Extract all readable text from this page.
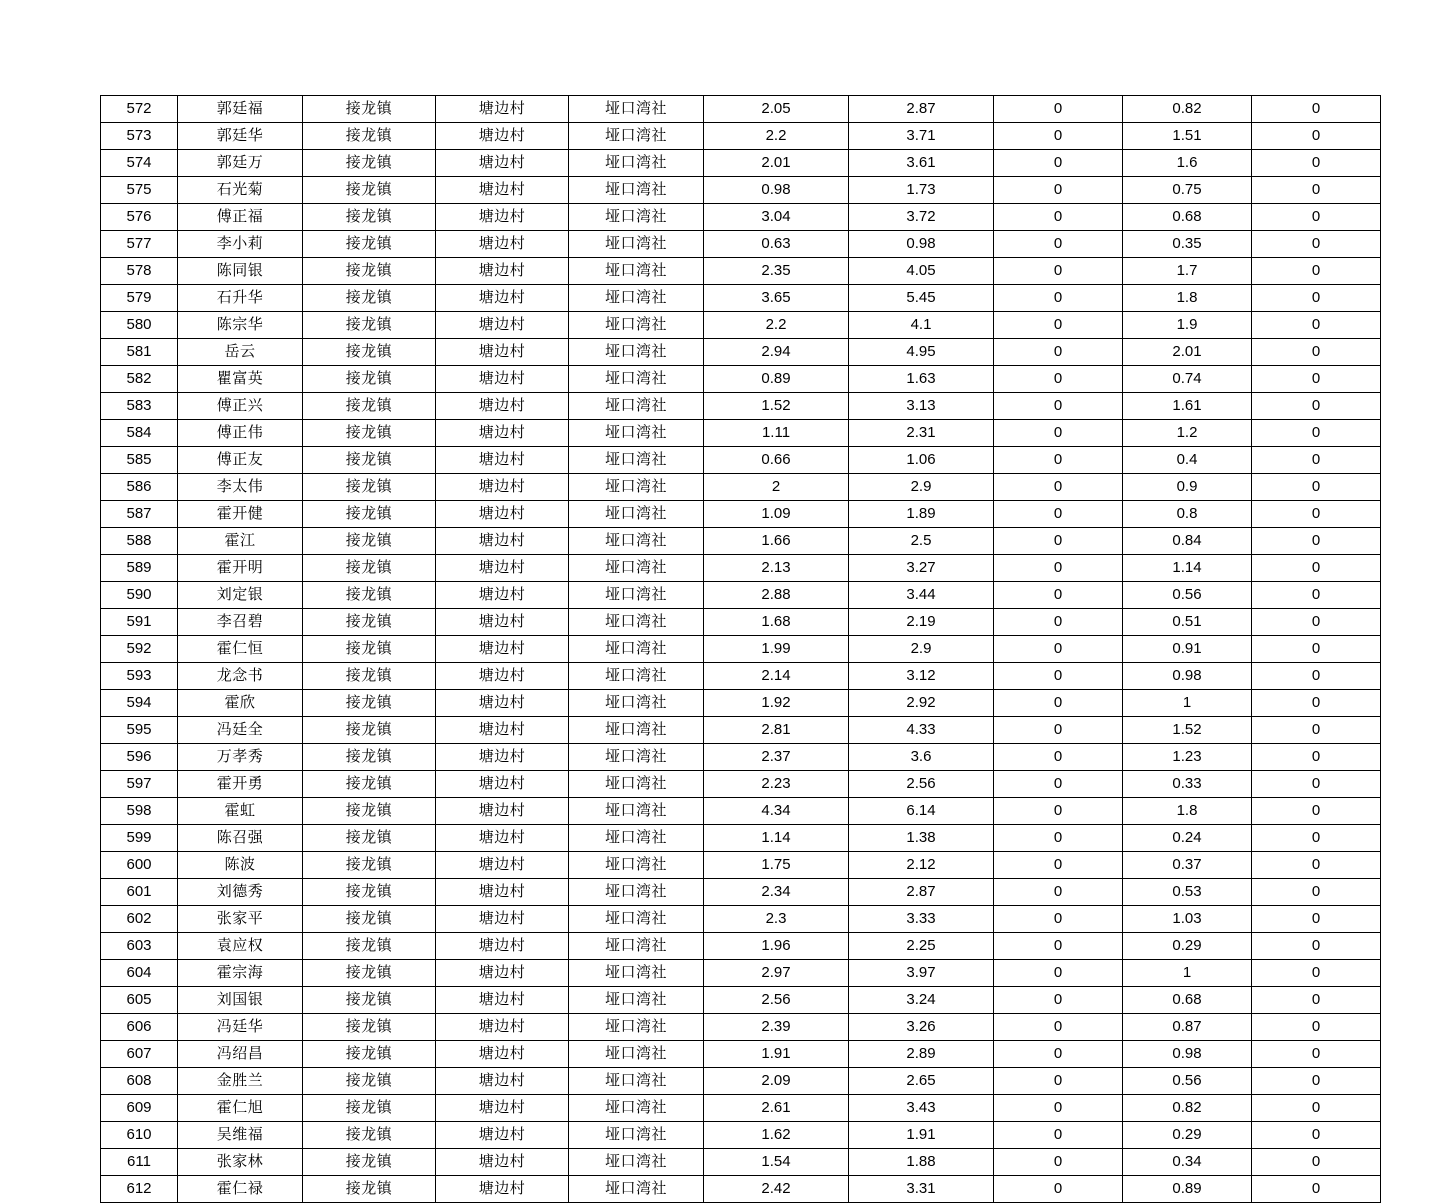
572	郭廷福	接龙镇	塘边村	垭口湾社	2.05	2.87	0	0.82	0
573	郭廷华	接龙镇	塘边村	垭口湾社	2.2	3.71	0	1.51	0
574	郭廷万	接龙镇	塘边村	垭口湾社	2.01	3.61	0	1.6	0
575	石光菊	接龙镇	塘边村	垭口湾社	0.98	1.73	0	0.75	0
576	傅正福	接龙镇	塘边村	垭口湾社	3.04	3.72	0	0.68	0
577	李小莉	接龙镇	塘边村	垭口湾社	0.63	0.98	0	0.35	0
578	陈同银	接龙镇	塘边村	垭口湾社	2.35	4.05	0	1.7	0
579	石升华	接龙镇	塘边村	垭口湾社	3.65	5.45	0	1.8	0
580	陈宗华	接龙镇	塘边村	垭口湾社	2.2	4.1	0	1.9	0
581	岳云	接龙镇	塘边村	垭口湾社	2.94	4.95	0	2.01	0
582	瞿富英	接龙镇	塘边村	垭口湾社	0.89	1.63	0	0.74	0
583	傅正兴	接龙镇	塘边村	垭口湾社	1.52	3.13	0	1.61	0
584	傅正伟	接龙镇	塘边村	垭口湾社	1.11	2.31	0	1.2	0
585	傅正友	接龙镇	塘边村	垭口湾社	0.66	1.06	0	0.4	0
586	李太伟	接龙镇	塘边村	垭口湾社	2	2.9	0	0.9	0
587	霍开健	接龙镇	塘边村	垭口湾社	1.09	1.89	0	0.8	0
588	霍江	接龙镇	塘边村	垭口湾社	1.66	2.5	0	0.84	0
589	霍开明	接龙镇	塘边村	垭口湾社	2.13	3.27	0	1.14	0
590	刘定银	接龙镇	塘边村	垭口湾社	2.88	3.44	0	0.56	0
591	李召碧	接龙镇	塘边村	垭口湾社	1.68	2.19	0	0.51	0
592	霍仁恒	接龙镇	塘边村	垭口湾社	1.99	2.9	0	0.91	0
593	龙念书	接龙镇	塘边村	垭口湾社	2.14	3.12	0	0.98	0
594	霍欣	接龙镇	塘边村	垭口湾社	1.92	2.92	0	1	0
595	冯廷全	接龙镇	塘边村	垭口湾社	2.81	4.33	0	1.52	0
596	万孝秀	接龙镇	塘边村	垭口湾社	2.37	3.6	0	1.23	0
597	霍开勇	接龙镇	塘边村	垭口湾社	2.23	2.56	0	0.33	0
598	霍虹	接龙镇	塘边村	垭口湾社	4.34	6.14	0	1.8	0
599	陈召强	接龙镇	塘边村	垭口湾社	1.14	1.38	0	0.24	0
600	陈波	接龙镇	塘边村	垭口湾社	1.75	2.12	0	0.37	0
601	刘德秀	接龙镇	塘边村	垭口湾社	2.34	2.87	0	0.53	0
602	张家平	接龙镇	塘边村	垭口湾社	2.3	3.33	0	1.03	0
603	袁应权	接龙镇	塘边村	垭口湾社	1.96	2.25	0	0.29	0
604	霍宗海	接龙镇	塘边村	垭口湾社	2.97	3.97	0	1	0
605	刘国银	接龙镇	塘边村	垭口湾社	2.56	3.24	0	0.68	0
606	冯廷华	接龙镇	塘边村	垭口湾社	2.39	3.26	0	0.87	0
607	冯绍昌	接龙镇	塘边村	垭口湾社	1.91	2.89	0	0.98	0
608	金胜兰	接龙镇	塘边村	垭口湾社	2.09	2.65	0	0.56	0
609	霍仁旭	接龙镇	塘边村	垭口湾社	2.61	3.43	0	0.82	0
610	吴维福	接龙镇	塘边村	垭口湾社	1.62	1.91	0	0.29	0
611	张家林	接龙镇	塘边村	垭口湾社	1.54	1.88	0	0.34	0
612	霍仁禄	接龙镇	塘边村	垭口湾社	2.42	3.31	0	0.89	0
